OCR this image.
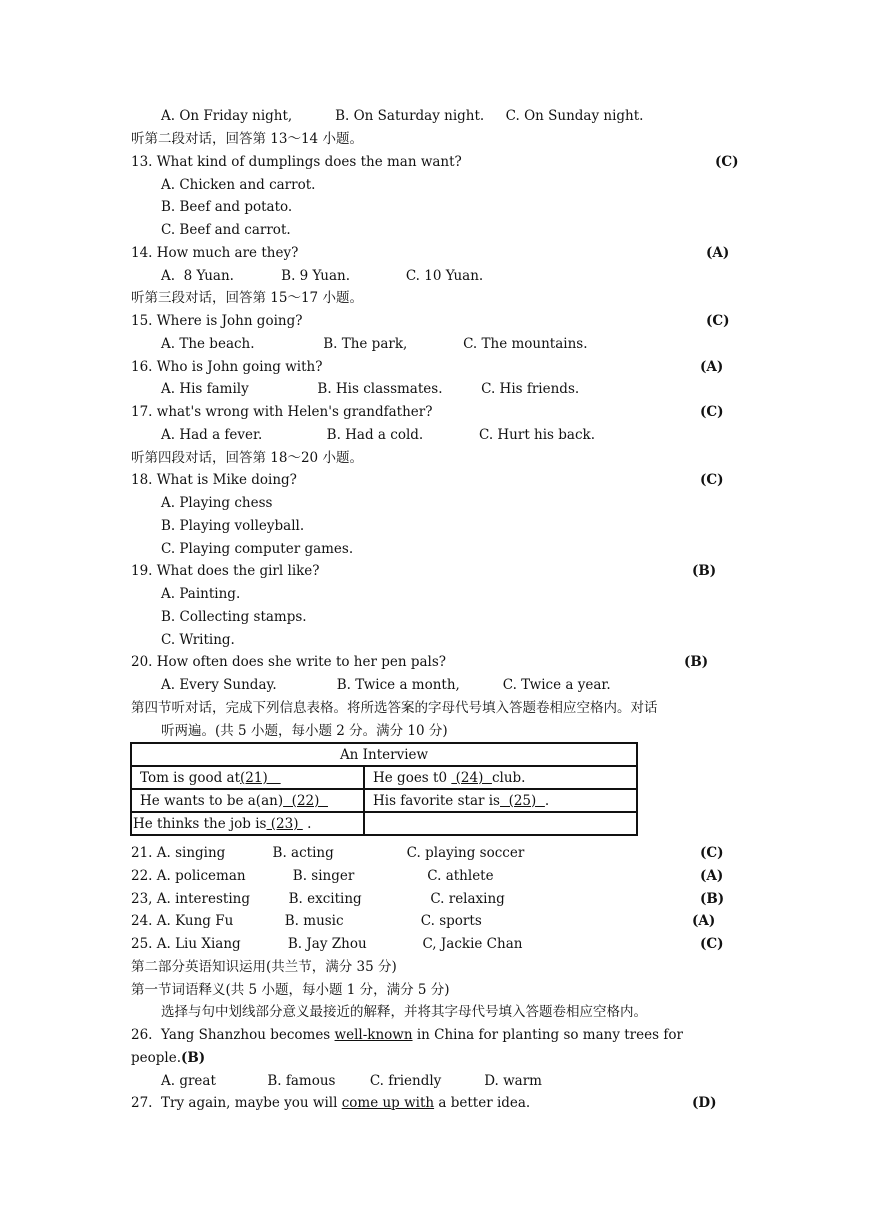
A. On Friday night,          B. On Saturday night.     C. On Sunday night.
听第二段对话，回答第 13～14 小题。
13. What kind of dumplings does the man want?	(C)
A. Chicken and carrot.
B. Beef and potato.
C. Beef and carrot.
14. How much are they?	(A)
A.  8 Yuan.           B. 9 Yuan.             C. 10 Yuan.
听第三段对话，回答第 15～17 小题。
15. Where is John going?	(C)
A. The beach.                B. The park,             C. The mountains.
16. Who is John going with?	(A)
A. His family                B. His classmates.         C. His friends.
17. what's wrong with Helen's grandfather?	(C)
A. Had a fever.               B. Had a cold.             C. Hurt his back.
听第四段对话，回答第 18～20 小题。
18. What is Mike doing?	(C)
A. Playing chess
B. Playing volleyball.
C. Playing computer games.
19. What does the girl like?	(B)
A. Painting.
B. Collecting stamps.
C. Writing.
20. How often does she write to her pen pals?	(B)
A. Every Sunday.              B. Twice a month,          C. Twice a year.
第四节听对话，完成下列信息表格。将所选答案的字母代号填入答题卷相应空格内。对话
听两遍。(共 5 小题，每小题 2 分。满分 10 分)
An Interview	
Tom is good at(21)	He goes t0  (24)  club.
He wants to be a(an)  (22)	His favorite star is  (25)  .
He thinks the job is (23)  .	
21. A. singing           B. acting                 C. playing soccer	(C)
22. A. policeman           B. singer                 C. athlete	(A)
23, A. interesting         B. exciting                C. relaxing	(B)
24. A. Kung Fu            B. music                  C. sports	(A)
25. A. Liu Xiang           B. Jay Zhou             C, Jackie Chan	(C)
第二部分英语知识运用(共兰节，满分 35 分)
第一节词语释义(共 5 小题，每小题 1 分，满分 5 分)
选择与句中划线部分意义最接近的解释，并将其字母代号填入答题卷相应空格内。
26.  Yang Shanzhou becomes well-known in China for planting so many trees for
people.(B)
A. great            B. famous        C. friendly          D. warm
27.  Try again, maybe you will come up with a better idea.	(D)
